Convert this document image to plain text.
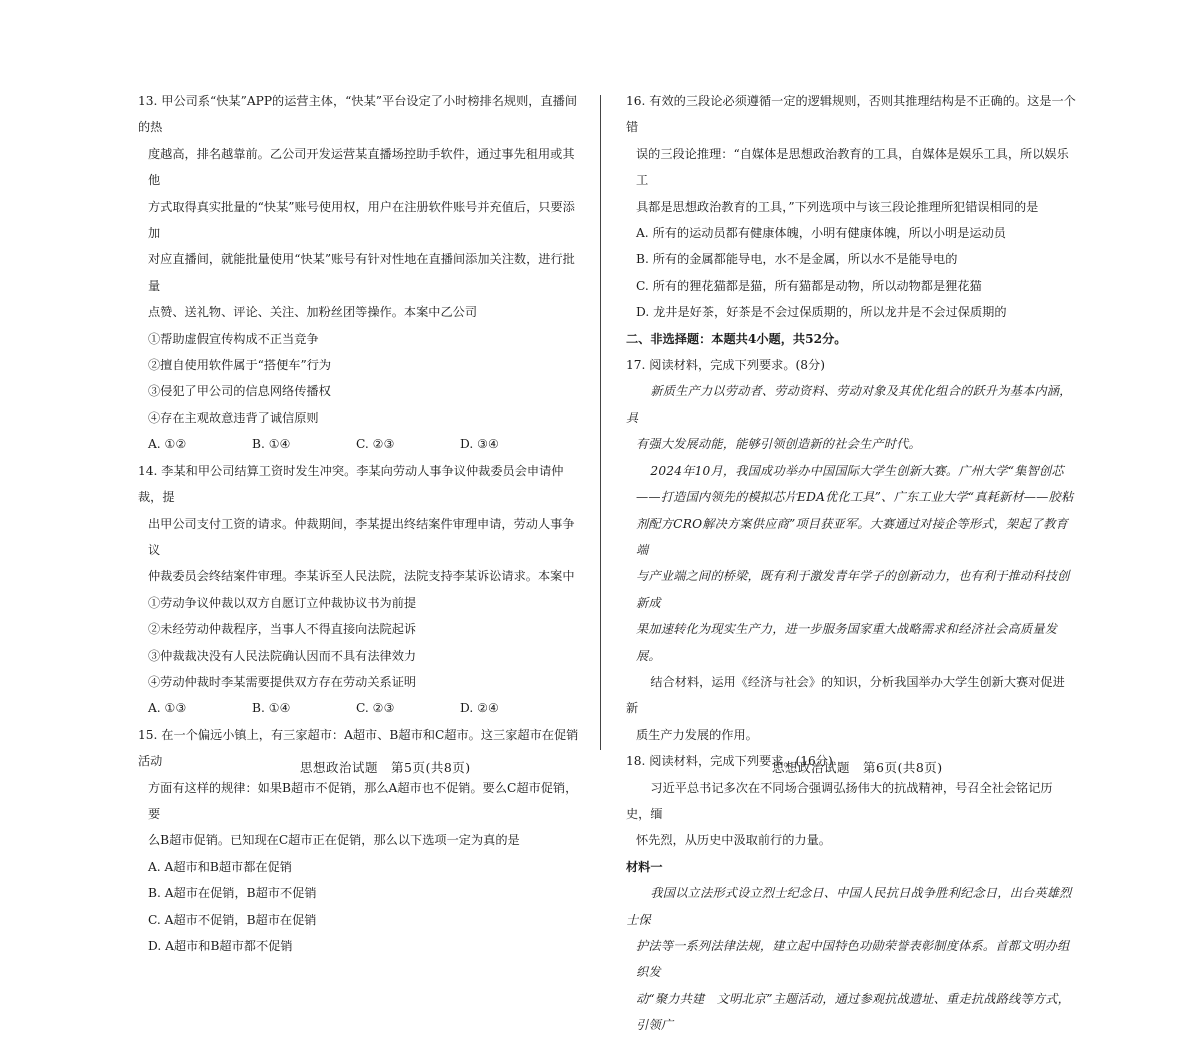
13. 甲公司系“快某”APP的运营主体，“快某”平台设定了小时榜排名规则，直播间的热

度越高，排名越靠前。乙公司开发运营某直播场控助手软件，通过事先租用或其他

方式取得真实批量的“快某”账号使用权，用户在注册软件账号并充值后，只要添加

对应直播间，就能批量使用“快某”账号有针对性地在直播间添加关注数，进行批量

点赞、送礼物、评论、关注、加粉丝团等操作。本案中乙公司

①帮助虚假宣传构成不正当竞争

②擅自使用软件属于“搭便车”行为

③侵犯了甲公司的信息网络传播权

④存在主观故意违背了诚信原则

A. ①②	B. ①④	C. ②③	D. ③④

14. 李某和甲公司结算工资时发生冲突。李某向劳动人事争议仲裁委员会申请仲裁，提

出甲公司支付工资的请求。仲裁期间，李某提出终结案件审理申请，劳动人事争议

仲裁委员会终结案件审理。李某诉至人民法院，法院支持李某诉讼请求。本案中

①劳动争议仲裁以双方自愿订立仲裁协议书为前提

②未经劳动仲裁程序，当事人不得直接向法院起诉

③仲裁裁决没有人民法院确认因而不具有法律效力

④劳动仲裁时李某需要提供双方存在劳动关系证明

A. ①③	B. ①④	C. ②③	D. ②④

15. 在一个偏远小镇上，有三家超市：A超市、B超市和C超市。这三家超市在促销活动

方面有这样的规律：如果B超市不促销，那么A超市也不促销。要么C超市促销，要

么B超市促销。已知现在C超市正在促销，那么以下选项一定为真的是

A. A超市和B超市都在促销

B. A超市在促销，B超市不促销

C. A超市不促销，B超市在促销

D. A超市和B超市都不促销

思想政治试题　第5页(共8页)

16. 有效的三段论必须遵循一定的逻辑规则，否则其推理结构是不正确的。这是一个错

误的三段论推理：“自媒体是思想政治教育的工具，自媒体是娱乐工具，所以娱乐工

具都是思想政治教育的工具，”下列选项中与该三段论推理所犯错误相同的是

A. 所有的运动员都有健康体魄，小明有健康体魄，所以小明是运动员

B. 所有的金属都能导电，水不是金属，所以水不是能导电的

C. 所有的狸花猫都是猫，所有猫都是动物，所以动物都是狸花猫

D. 龙井是好茶，好茶是不会过保质期的，所以龙井是不会过保质期的

二、非选择题：本题共4小题，共52分。

17. 阅读材料，完成下列要求。(8分)

新质生产力以劳动者、劳动资料、劳动对象及其优化组合的跃升为基本内涵，具

有强大发展动能，能够引领创造新的社会生产时代。

2024年10月，我国成功举办中国国际大学生创新大赛。广州大学“集智创芯

——打造国内领先的模拟芯片EDA优化工具”、广东工业大学“真耗新材——胶粘

剂配方CRO解决方案供应商”项目获亚军。大赛通过对接企等形式，架起了教育端

与产业端之间的桥梁，既有利于激发青年学子的创新动力，也有利于推动科技创新成

果加速转化为现实生产力，进一步服务国家重大战略需求和经济社会高质量发展。

结合材料，运用《经济与社会》的知识，分析我国举办大学生创新大赛对促进新

质生产力发展的作用。

18. 阅读材料，完成下列要求。(16分)

习近平总书记多次在不同场合强调弘扬伟大的抗战精神，号召全社会铭记历史，缅

怀先烈，从历史中汲取前行的力量。

材料一

我国以立法形式设立烈士纪念日、中国人民抗日战争胜利纪念日，出台英雄烈士保

护法等一系列法律法规，建立起中国特色功勋荣誉表彰制度体系。首都文明办组织发

动“聚力共建　文明北京”主题活动，通过参观抗战遗址、重走抗战路线等方式，引领广

思想政治试题　第6页(共8页)
